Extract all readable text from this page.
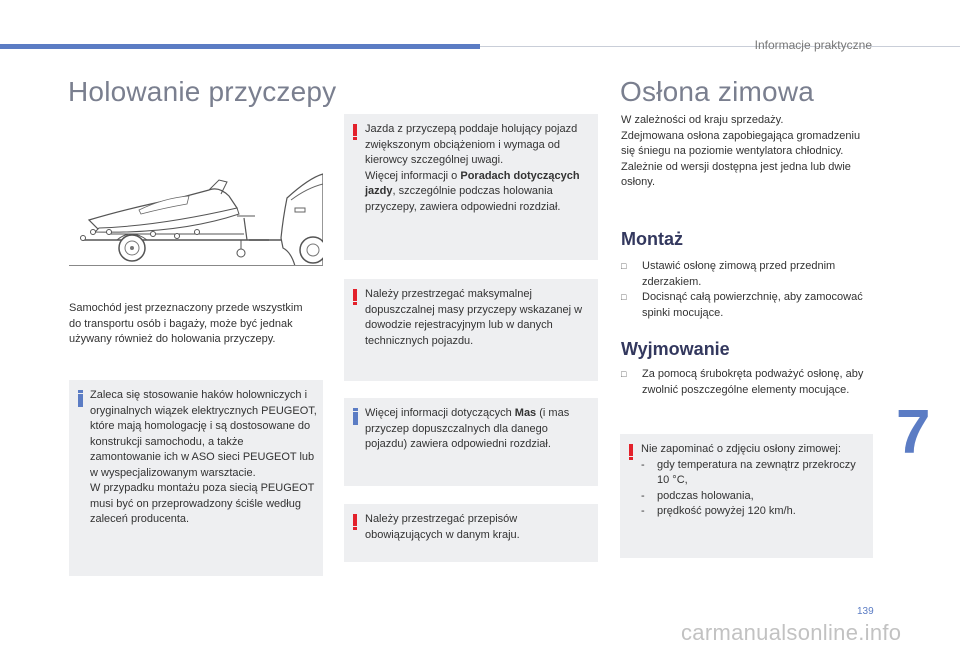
Informacje praktyczne
Holowanie przyczepy
Samochód jest przeznaczony przede wszystkim do transportu osób i bagaży, może być jednak używany również do holowania przyczepy.
Zaleca się stosowanie haków holowniczych i oryginalnych wiązek elektrycznych PEUGEOT, które mają homologację i są dostosowane do konstrukcji samochodu, a także zamontowanie ich w ASO sieci PEUGEOT lub w wyspecjalizowanym warsztacie.
W przypadku montażu poza siecią PEUGEOT musi być on przeprowadzony ściśle według zaleceń producenta.
Jazda z przyczepą poddaje holujący pojazd zwiększonym obciążeniom i wymaga od kierowcy szczególnej uwagi.
Więcej informacji o Poradach dotyczących jazdy, szczególnie podczas holowania przyczepy, zawiera odpowiedni rozdział.
Należy przestrzegać maksymalnej dopuszczalnej masy przyczepy wskazanej w dowodzie rejestracyjnym lub w danych technicznych pojazdu.
Więcej informacji dotyczących Mas (i mas przyczep dopuszczalnych dla danego pojazdu) zawiera odpowiedni rozdział.
Należy przestrzegać przepisów obowiązujących w danym kraju.
Osłona zimowa
W zależności od kraju sprzedaży.
Zdejmowana osłona zapobiegająca gromadzeniu się śniegu na poziomie wentylatora chłodnicy.
Zależnie od wersji dostępna jest jedna lub dwie osłony.
Montaż
□	Ustawić osłonę zimową przed przednim zderzakiem.
□	Docisnąć całą powierzchnię, aby zamocować spinki mocujące.
Wyjmowanie
□	Za pomocą śrubokręta podważyć osłonę, aby zwolnić poszczególne elementy mocujące.
Nie zapominać o zdjęciu osłony zimowej:
-	gdy temperatura na zewnątrz przekroczy 10 °C,
-	podczas holowania,
-	prędkość powyżej 120 km/h.
7
139
carmanualsonline.info
